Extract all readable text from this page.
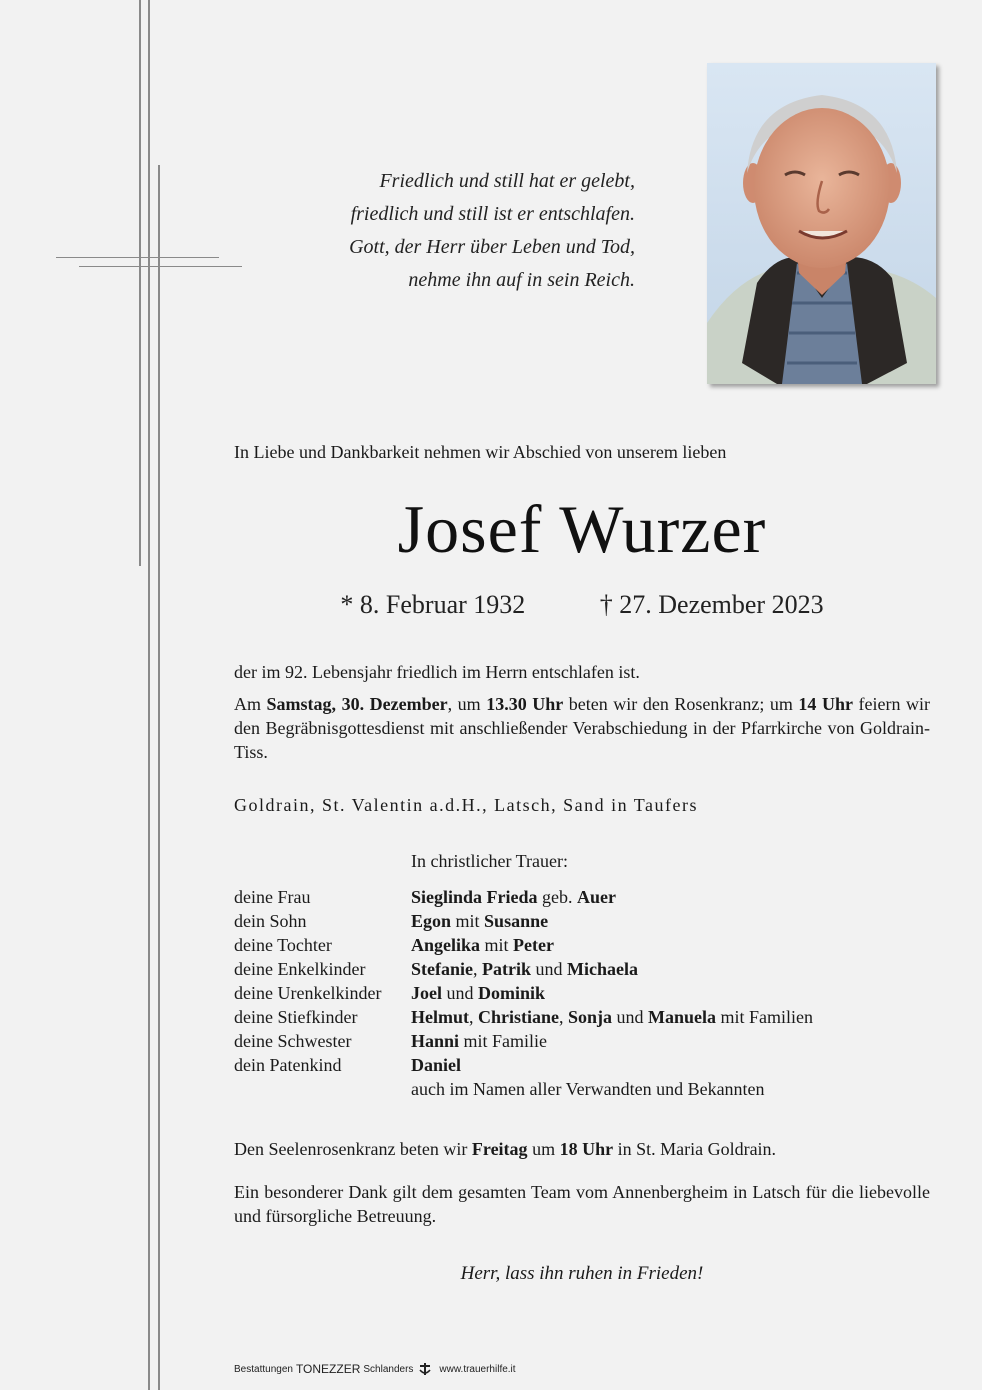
Friedlich und still hat er gelebt,
friedlich und still ist er entschlafen.
Gott, der Herr über Leben und Tod,
nehme ihn auf in sein Reich.
In Liebe und Dankbarkeit nehmen wir Abschied von unserem lieben
Josef Wurzer
* 8. Februar 1932	† 27. Dezember 2023
der im 92. Lebensjahr friedlich im Herrn entschlafen ist.
Am Samstag, 30. Dezember, um 13.30 Uhr beten wir den Rosenkranz; um 14 Uhr feiern wir den Begräbnisgottesdienst mit anschließender Verabschiedung in der Pfarrkirche von Goldrain-Tiss.
Goldrain, St. Valentin a.d.H., Latsch, Sand in Taufers
In christlicher Trauer:
deine Frau	Sieglinda Frieda geb. Auer
dein Sohn	Egon mit Susanne
deine Tochter	Angelika mit Peter
deine Enkelkinder	Stefanie, Patrik und Michaela
deine Urenkelkinder	Joel und Dominik
deine Stiefkinder	Helmut, Christiane, Sonja und Manuela mit Familien
deine Schwester	Hanni mit Familie
dein Patenkind	Daniel
auch im Namen aller Verwandten und Bekannten
Den Seelenrosenkranz beten wir Freitag um 18 Uhr in St. Maria Goldrain.
Ein besonderer Dank gilt dem gesamten Team vom Annenbergheim in Latsch für die liebevolle und fürsorgliche Betreuung.
Herr, lass ihn ruhen in Frieden!
Bestattungen TONEZZER Schlanders	www.trauerhilfe.it
